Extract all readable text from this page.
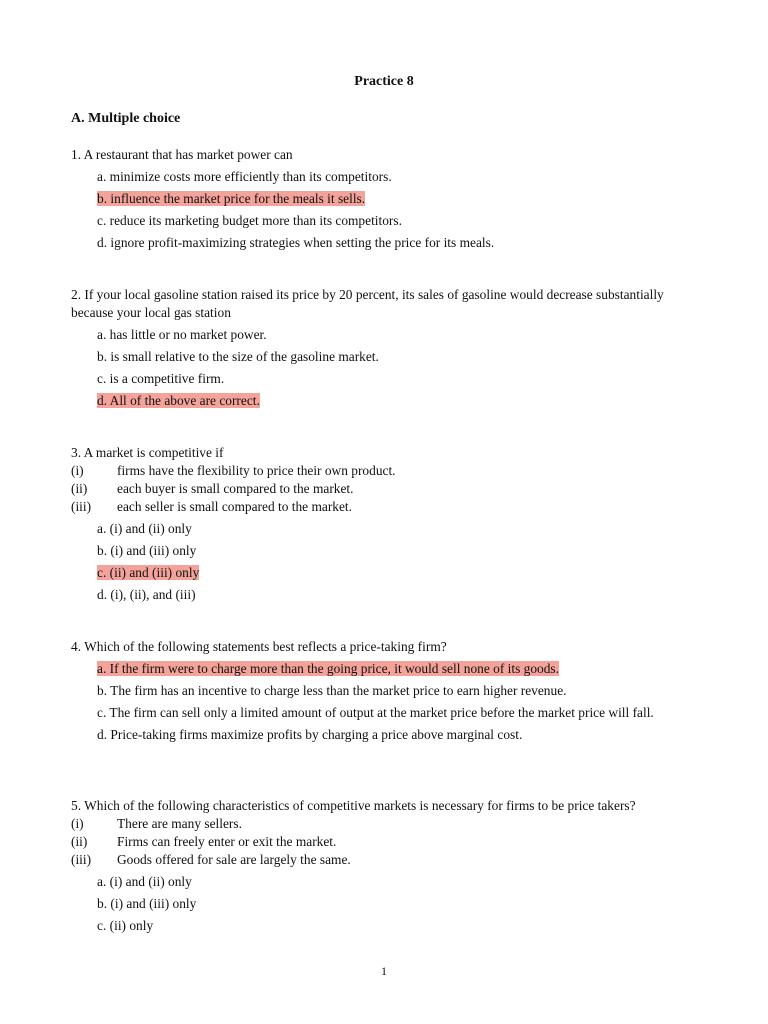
Practice 8
A. Multiple choice

1. A restaurant that has market power can

a. minimize costs more efficiently than its competitors.
b. influence the market price for the meals it sells.
c. reduce its marketing budget more than its competitors.
d. ignore profit-maximizing strategies when setting the price for its meals.

2. If your local gasoline station raised its price by 20 percent, its sales of gasoline would decrease substantially because your local gas station

a. has little or no market power.
b. is small relative to the size of the gasoline market.
c. is a competitive firm.
d. All of the above are correct.

3. A market is competitive if

(i)	firms have the flexibility to price their own product.
(ii)	each buyer is small compared to the market.
(iii)	each seller is small compared to the market.
a. (i) and (ii) only
b. (i) and (iii) only
c. (ii) and (iii) only
d. (i), (ii), and (iii)

4. Which of the following statements best reflects a price-taking firm?

a. If the firm were to charge more than the going price, it would sell none of its goods.
b. The firm has an incentive to charge less than the market price to earn higher revenue.
c. The firm can sell only a limited amount of output at the market price before the market price will fall.
d. Price-taking firms maximize profits by charging a price above marginal cost.

5. Which of the following characteristics of competitive markets is necessary for firms to be price takers?

(i)	There are many sellers.
(ii)	Firms can freely enter or exit the market.
(iii)	Goods offered for sale are largely the same.
a. (i) and (ii) only
b. (i) and (iii) only
c. (ii) only
1
